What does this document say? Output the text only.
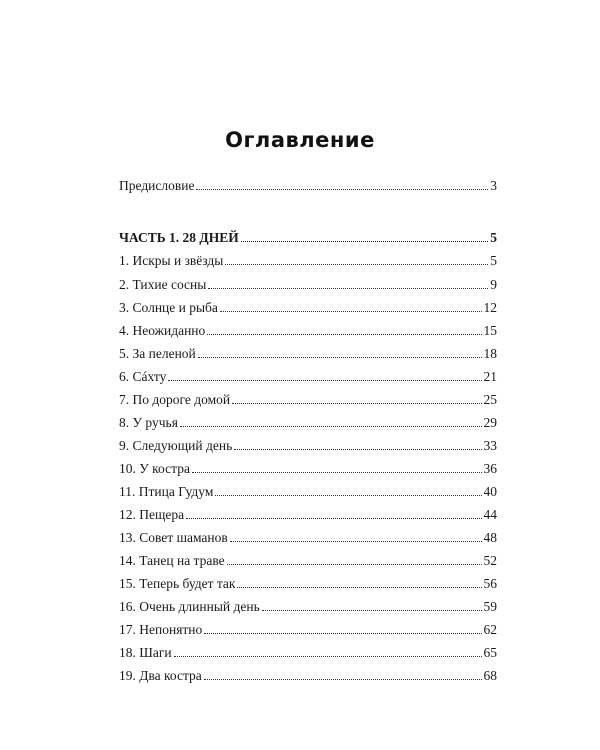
Оглавление
Предисловие	3
ЧАСТЬ 1. 28 ДНЕЙ	5
1. Искры и звёзды	5
2. Тихие сосны	9
3. Солнце и рыба	12
4. Неожиданно	15
5. За пеленой	18
6. Сáхту	21
7. По дороге домой	25
8. У ручья	29
9. Следующий день	33
10. У костра	36
11. Птица Гудум	40
12. Пещера	44
13. Совет шаманов	48
14. Танец на траве	52
15. Теперь будет так	56
16. Очень длинный день	59
17. Непонятно	62
18. Шаги	65
19. Два костра	68
